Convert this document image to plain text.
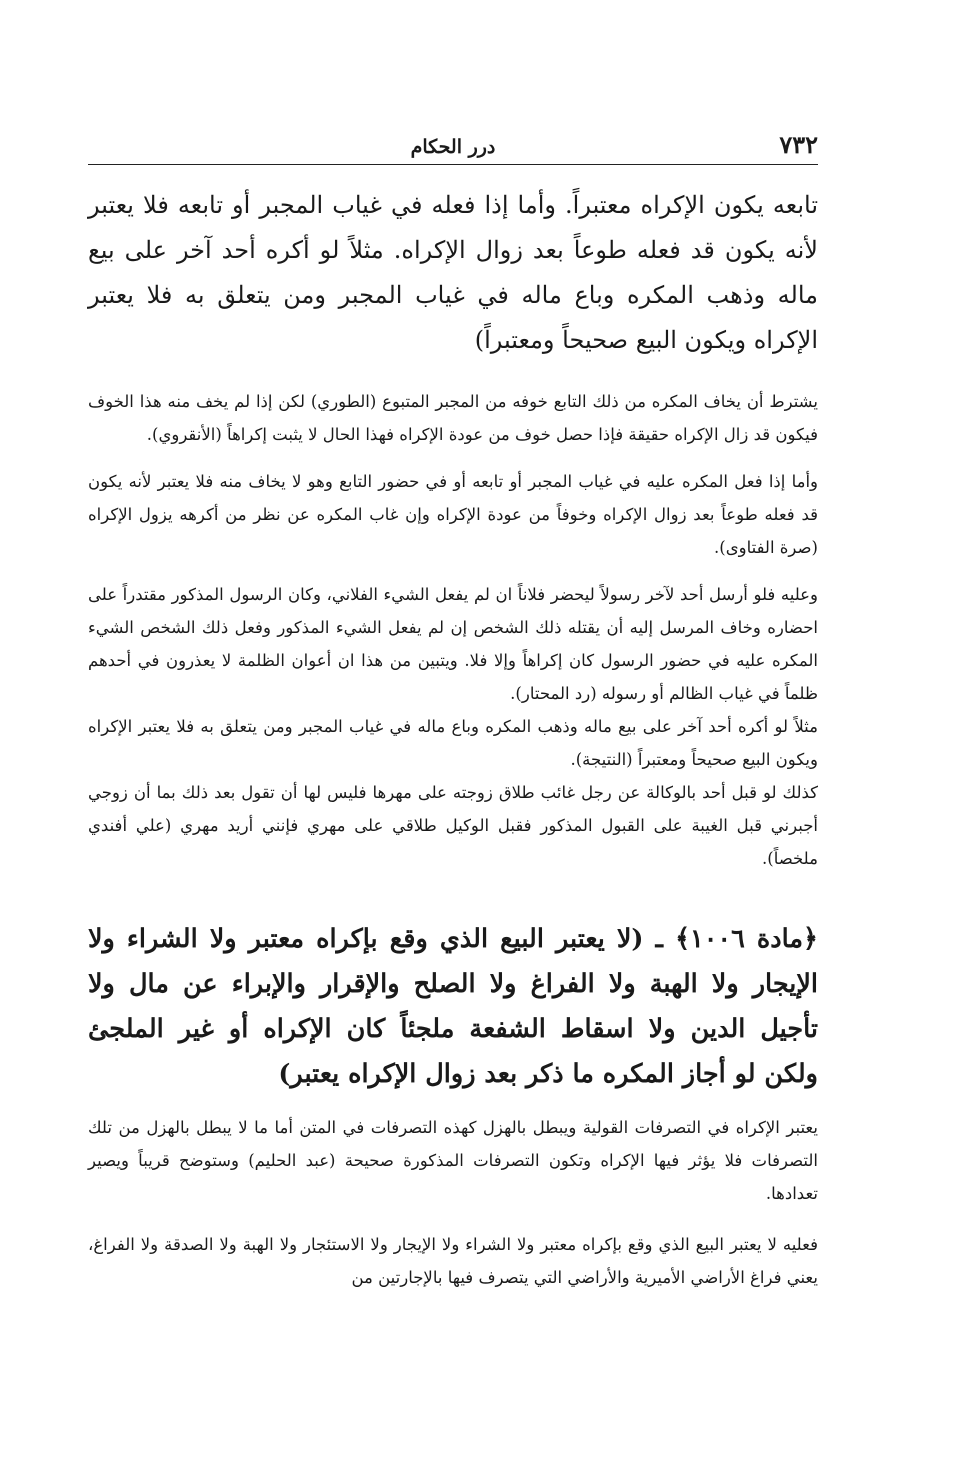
٧٣٢
درر الحكام

تابعه يكون الإكراه معتبراً. وأما إذا فعله في غياب المجبر أو تابعه فلا يعتبر لأنه يكون قد فعله طوعاً بعد زوال الإكراه. مثلاً لو أكره أحد آخر على بيع ماله وذهب المكره وباع ماله في غياب المجبر ومن يتعلق به فلا يعتبر الإكراه ويكون البيع صحيحاً ومعتبراً)

يشترط أن يخاف المكره من ذلك التابع خوفه من المجبر المتبوع (الطوري) لكن إذا لم يخف منه هذا الخوف فيكون قد زال الإكراه حقيقة فإذا حصل خوف من عودة الإكراه فهذا الحال لا يثبت إكراهاً (الأنقروي).

وأما إذا فعل المكره عليه في غياب المجبر أو تابعه أو في حضور التابع وهو لا يخاف منه فلا يعتبر لأنه يكون قد فعله طوعاً بعد زوال الإكراه وخوفاً من عودة الإكراه وإن غاب المكره عن نظر من أكرهه يزول الإكراه (صرة الفتاوى).

وعليه فلو أرسل أحد لآخر رسولاً ليحضر فلاناً ان لم يفعل الشيء الفلاني، وكان الرسول المذكور مقتدراً على احضاره وخاف المرسل إليه أن يقتله ذلك الشخص إن لم يفعل الشيء المذكور وفعل ذلك الشخص الشيء المكره عليه في حضور الرسول كان إكراهاً وإلا فلا. ويتبين من هذا ان أعوان الظلمة لا يعذرون في أحدهم ظلماً في غياب الظالم أو رسوله (رد المحتار).

مثلاً لو أكره أحد آخر على بيع ماله وذهب المكره وباع ماله في غياب المجبر ومن يتعلق به فلا يعتبر الإكراه ويكون البيع صحيحاً ومعتبراً (النتيجة).

كذلك لو قبل أحد بالوكالة عن رجل غائب طلاق زوجته على مهرها فليس لها أن تقول بعد ذلك بما أن زوجي أجبرني قبل الغيبة على القبول المذكور فقبل الوكيل طلاقي على مهري فإنني أريد مهري (علي أفندي ملخصاً).

﴿مادة ١٠٠٦﴾ ـ (لا يعتبر البيع الذي وقع بإكراه معتبر ولا الشراء ولا الإيجار ولا الهبة ولا الفراغ ولا الصلح والإقرار والإبراء عن مال ولا تأجيل الدين ولا اسقاط الشفعة ملجئاً كان الإكراه أو غير الملجئ ولكن لو أجاز المكره ما ذكر بعد زوال الإكراه يعتبر)

يعتبر الإكراه في التصرفات القولية ويبطل بالهزل كهذه التصرفات في المتن أما ما لا يبطل بالهزل من تلك التصرفات فلا يؤثر فيها الإكراه وتكون التصرفات المذكورة صحيحة (عبد الحليم) وستوضح قريباً ويصير تعدادها.

فعليه لا يعتبر البيع الذي وقع بإكراه معتبر ولا الشراء ولا الإيجار ولا الاستئجار ولا الهبة ولا الصدقة ولا الفراغ، يعني فراغ الأراضي الأميرية والأراضي التي يتصرف فيها بالإجارتين من
